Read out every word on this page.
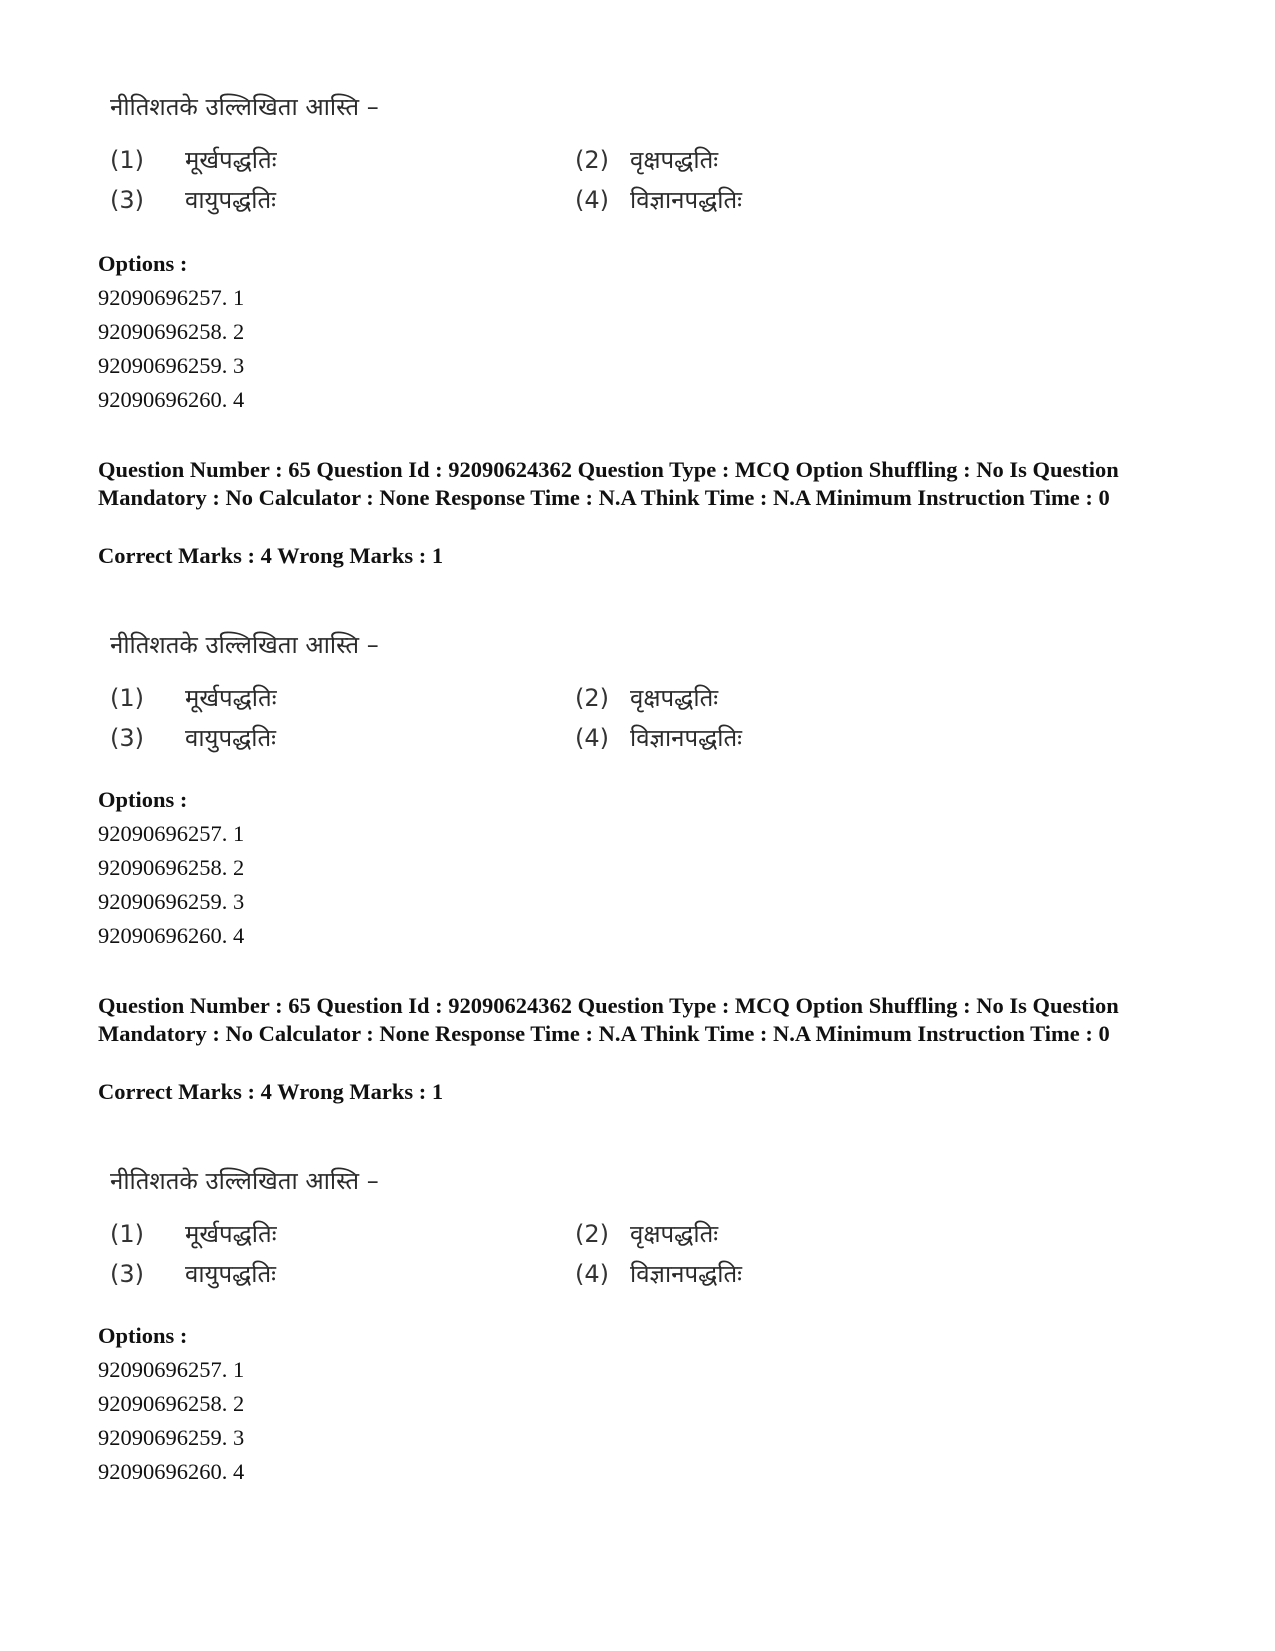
नीतिशतके उल्लिखिता आस्ति –
(1) मूर्खपद्धतिः	(2) वृक्षपद्धतिः
(3) वायुपद्धतिः	(4) विज्ञानपद्धतिः
Options :
92090696257. 1
92090696258. 2
92090696259. 3
92090696260. 4

Question Number : 65 Question Id : 92090624362 Question Type : MCQ Option Shuffling : No Is Question Mandatory : No Calculator : None Response Time : N.A Think Time : N.A Minimum Instruction Time : 0

Correct Marks : 4 Wrong Marks : 1
नीतिशतके उल्लिखिता आस्ति –
(1) मूर्खपद्धतिः	(2) वृक्षपद्धतिः
(3) वायुपद्धतिः	(4) विज्ञानपद्धतिः
Options :
92090696257. 1
92090696258. 2
92090696259. 3
92090696260. 4

Question Number : 65 Question Id : 92090624362 Question Type : MCQ Option Shuffling : No Is Question Mandatory : No Calculator : None Response Time : N.A Think Time : N.A Minimum Instruction Time : 0

Correct Marks : 4 Wrong Marks : 1
नीतिशतके उल्लिखिता आस्ति –
(1) मूर्खपद्धतिः	(2) वृक्षपद्धतिः
(3) वायुपद्धतिः	(4) विज्ञानपद्धतिः
Options :
92090696257. 1
92090696258. 2
92090696259. 3
92090696260. 4
